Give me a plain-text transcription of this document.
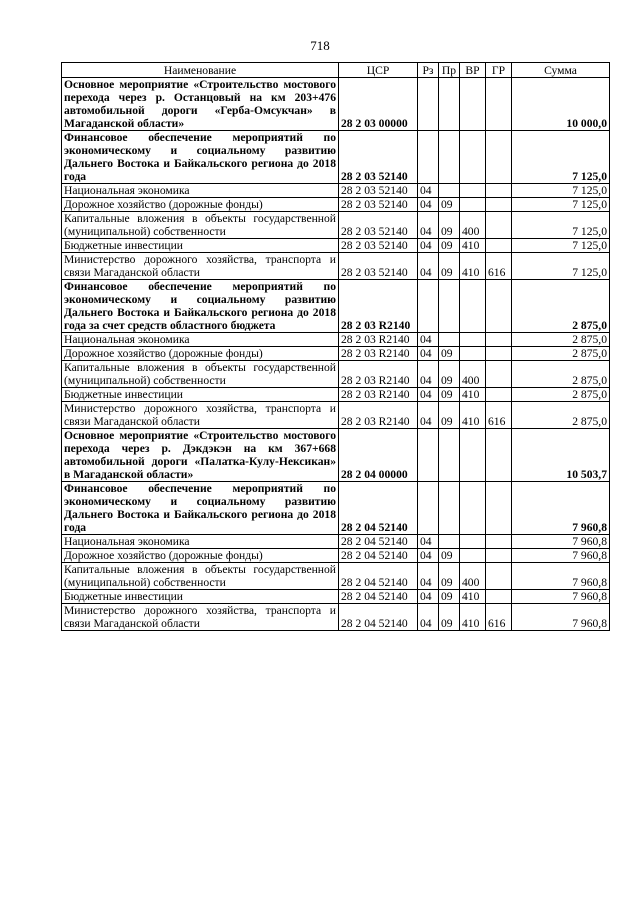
718
Наименование	ЦСР	Рз	Пр	ВР	ГР	Сумма
Основное мероприятие «Строительство мостового перехода через р. Останцовый на км 203+476 автомобильной дороги «Герба-Омсукчан» в Магаданской области»	28 2 03 00000					10 000,0
Финансовое обеспечение мероприятий по экономическому и социальному развитию Дальнего Востока и Байкальского региона до 2018 года	28 2 03 52140					7 125,0
Национальная экономика	28 2 03 52140	04				7 125,0
Дорожное хозяйство (дорожные фонды)	28 2 03 52140	04	09			7 125,0
Капитальные вложения в объекты государственной (муниципальной) собственности	28 2 03 52140	04	09	400		7 125,0
Бюджетные инвестиции	28 2 03 52140	04	09	410		7 125,0
Министерство дорожного хозяйства, транспорта и связи Магаданской области	28 2 03 52140	04	09	410	616	7 125,0
Финансовое обеспечение мероприятий по экономическому и социальному развитию Дальнего Востока и Байкальского региона до 2018 года за счет средств областного бюджета	28 2 03 R2140					2 875,0
Национальная экономика	28 2 03 R2140	04				2 875,0
Дорожное хозяйство (дорожные фонды)	28 2 03 R2140	04	09			2 875,0
Капитальные вложения в объекты государственной (муниципальной) собственности	28 2 03 R2140	04	09	400		2 875,0
Бюджетные инвестиции	28 2 03 R2140	04	09	410		2 875,0
Министерство дорожного хозяйства, транспорта и связи Магаданской области	28 2 03 R2140	04	09	410	616	2 875,0
Основное мероприятие «Строительство мостового перехода через р. Дэкдэкэн на км 367+668 автомобильной дороги «Палатка-Кулу-Нексикан» в Магаданской области»	28 2 04 00000					10 503,7
Финансовое обеспечение мероприятий по экономическому и социальному развитию Дальнего Востока и Байкальского региона до 2018 года	28 2 04 52140					7 960,8
Национальная экономика	28 2 04 52140	04				7 960,8
Дорожное хозяйство (дорожные фонды)	28 2 04 52140	04	09			7 960,8
Капитальные вложения в объекты государственной (муниципальной) собственности	28 2 04 52140	04	09	400		7 960,8
Бюджетные инвестиции	28 2 04 52140	04	09	410		7 960,8
Министерство дорожного хозяйства, транспорта и связи Магаданской области	28 2 04 52140	04	09	410	616	7 960,8
